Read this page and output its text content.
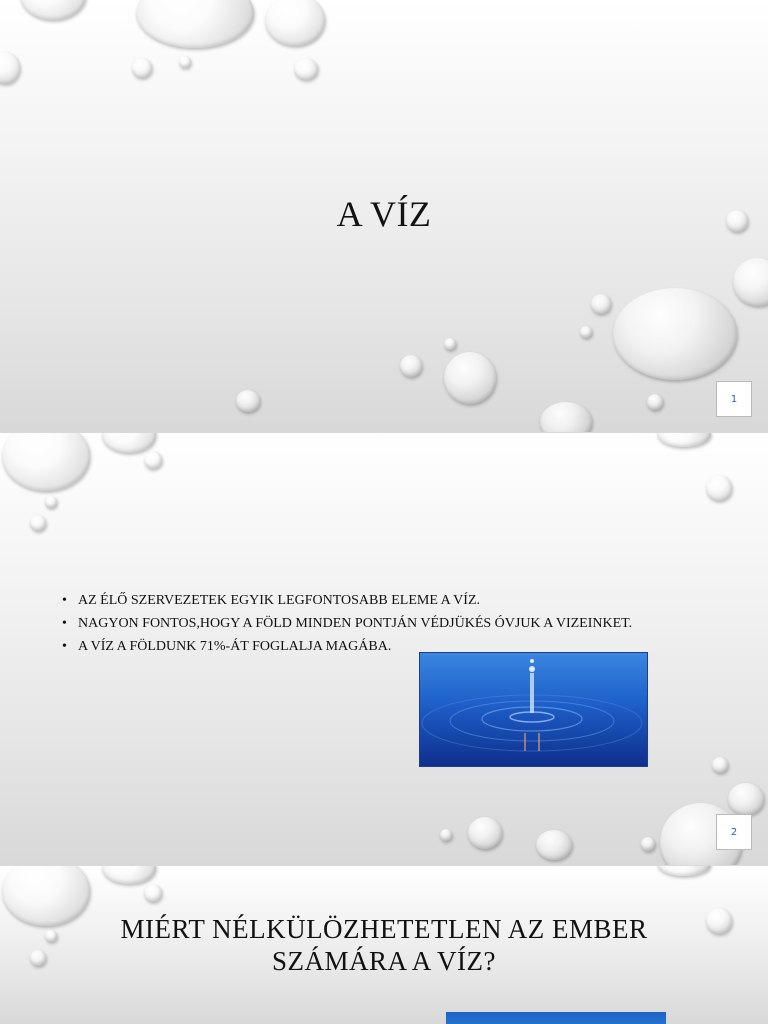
A VÍZ
1
• AZ ÉLŐ SZERVEZETEK EGYIK LEGFONTOSABB ELEME A VÍZ.
• NAGYON FONTOS,HOGY A FÖLD MINDEN PONTJÁN VÉDJÜKÉS ÓVJUK A VIZEINKET.
• A VÍZ A FÖLDUNK 71%-ÁT FOGLALJA MAGÁBA.
2
MIÉRT NÉLKÜLÖZHETETLEN AZ EMBER
SZÁMÁRA A VÍZ?
